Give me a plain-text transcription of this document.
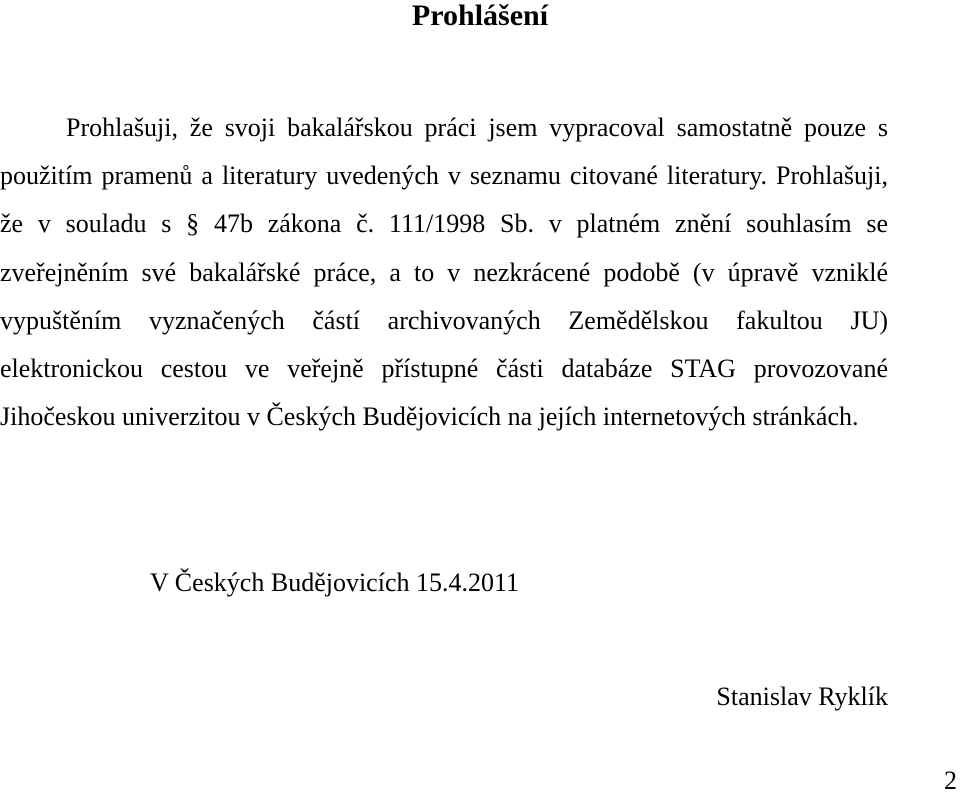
Prohlášení

Prohlašuji, že svoji bakalářskou práci jsem vypracoval samostatně pouze s použitím pramenů a literatury uvedených v seznamu citované literatury. Prohlašuji, že v souladu s § 47b zákona č. 111/1998 Sb. v platném znění souhlasím se zveřejněním své bakalářské práce, a to v nezkrácené podobě (v úpravě vzniklé vypuštěním vyznačených částí archivovaných Zemědělskou fakultou JU) elektronickou cestou ve veřejně přístupné části databáze STAG provozované Jihočeskou univerzitou v Českých Budějovicích na jejích internetových stránkách.

V Českých Budějovicích 15.4.2011

Stanislav Ryklík

2
